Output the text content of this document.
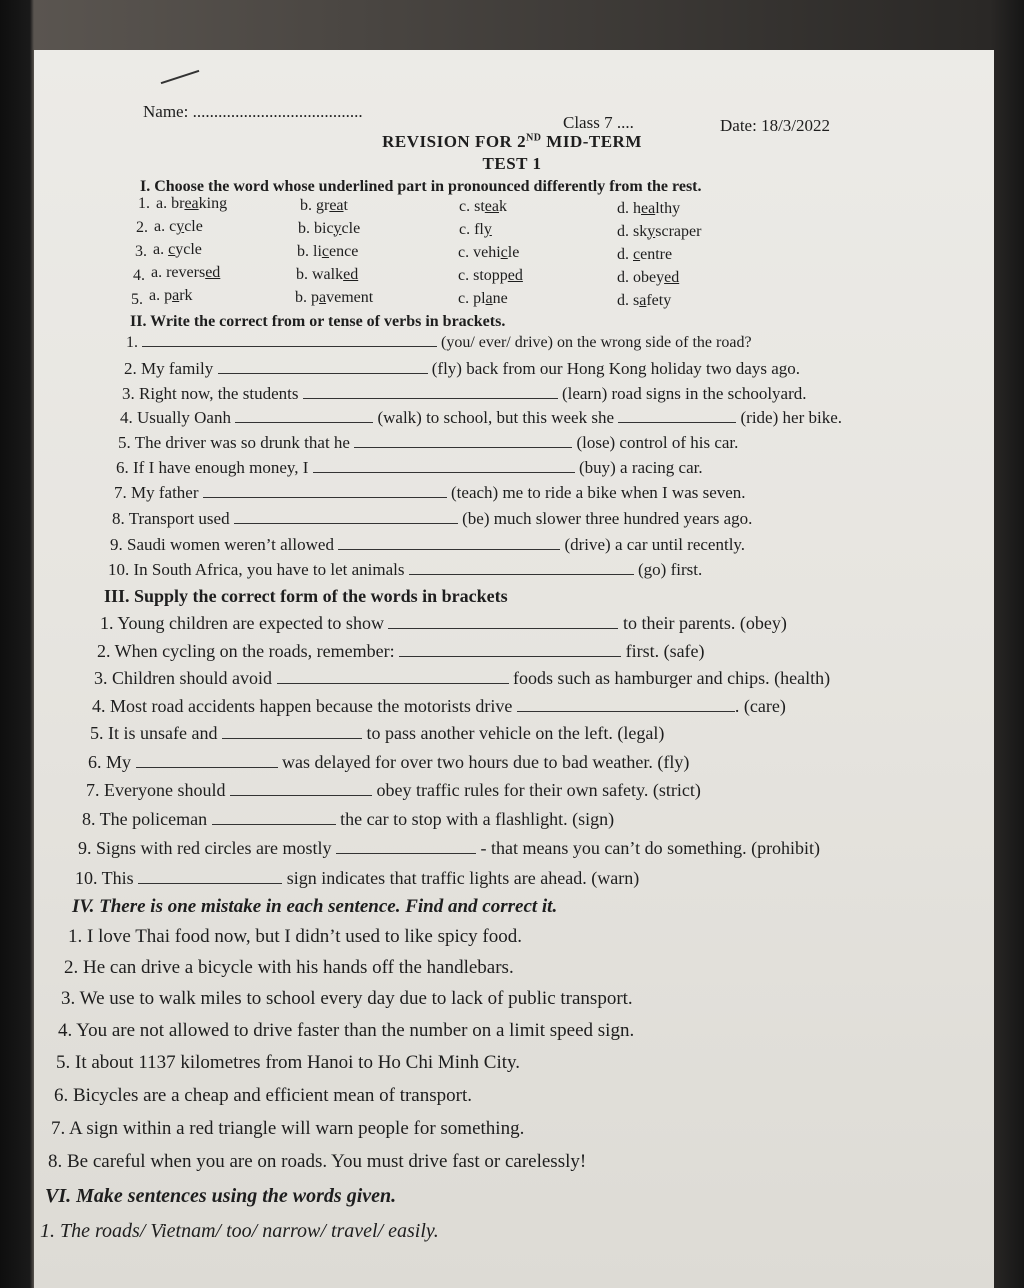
Name: ........................................
Class 7 ....	Date: 18/3/2022
REVISION FOR 2ND MID-TERM
TEST 1
I. Choose the word whose underlined part in pronounced differently from the rest.
1. a. breaking	b. great	c. steak	d. healthy
2. a. cycle	b. bicycle	c. fly	d. skyscraper
3. a. cycle	b. licence	c. vehicle	d. centre
4. a. reversed	b. walked	c. stopped	d. obeyed
5. a. park	b. pavement	c. plane	d. safety
II. Write the correct from or tense of verbs in brackets.
1.	(you/ ever/ drive) on the wrong side of the road?
2. My family	(fly) back from our Hong Kong holiday two days ago.
3. Right now, the students	(learn) road signs in the schoolyard.
4. Usually Oanh	(walk) to school, but this week she	(ride) her bike.
5. The driver was so drunk that he	(lose) control of his car.
6. If I have enough money, I	(buy) a racing car.
7. My father	(teach) me to ride a bike when I was seven.
8. Transport used	(be) much slower three hundred years ago.
9. Saudi women weren’t allowed	(drive) a car until recently.
10. In South Africa, you have to let animals	(go) first.
III. Supply the correct form of the words in brackets
1. Young children are expected to show	to their parents. (obey)
2. When cycling on the roads, remember:	first. (safe)
3. Children should avoid	foods such as hamburger and chips. (health)
4. Most road accidents happen because the motorists drive	. (care)
5. It is unsafe and	to pass another vehicle on the left. (legal)
6. My	was delayed for over two hours due to bad weather. (fly)
7. Everyone should	obey traffic rules for their own safety. (strict)
8. The policeman	the car to stop with a flashlight. (sign)
9. Signs with red circles are mostly	- that means you can’t do something. (prohibit)
10. This	sign indicates that traffic lights are ahead. (warn)
IV. There is one mistake in each sentence. Find and correct it.
1. I love Thai food now, but I didn’t used to like spicy food.
2. He can drive a bicycle with his hands off the handlebars.
3. We use to walk miles to school every day due to lack of public transport.
4. You are not allowed to drive faster than the number on a limit speed sign.
5. It about 1137 kilometres from Hanoi to Ho Chi Minh City.
6. Bicycles are a cheap and efficient mean of transport.
7. A sign within a red triangle will warn people for something.
8. Be careful when you are on roads. You must drive fast or carelessly!
VI. Make sentences using the words given.
1. The roads/ Vietnam/ too/ narrow/ travel/ easily.
